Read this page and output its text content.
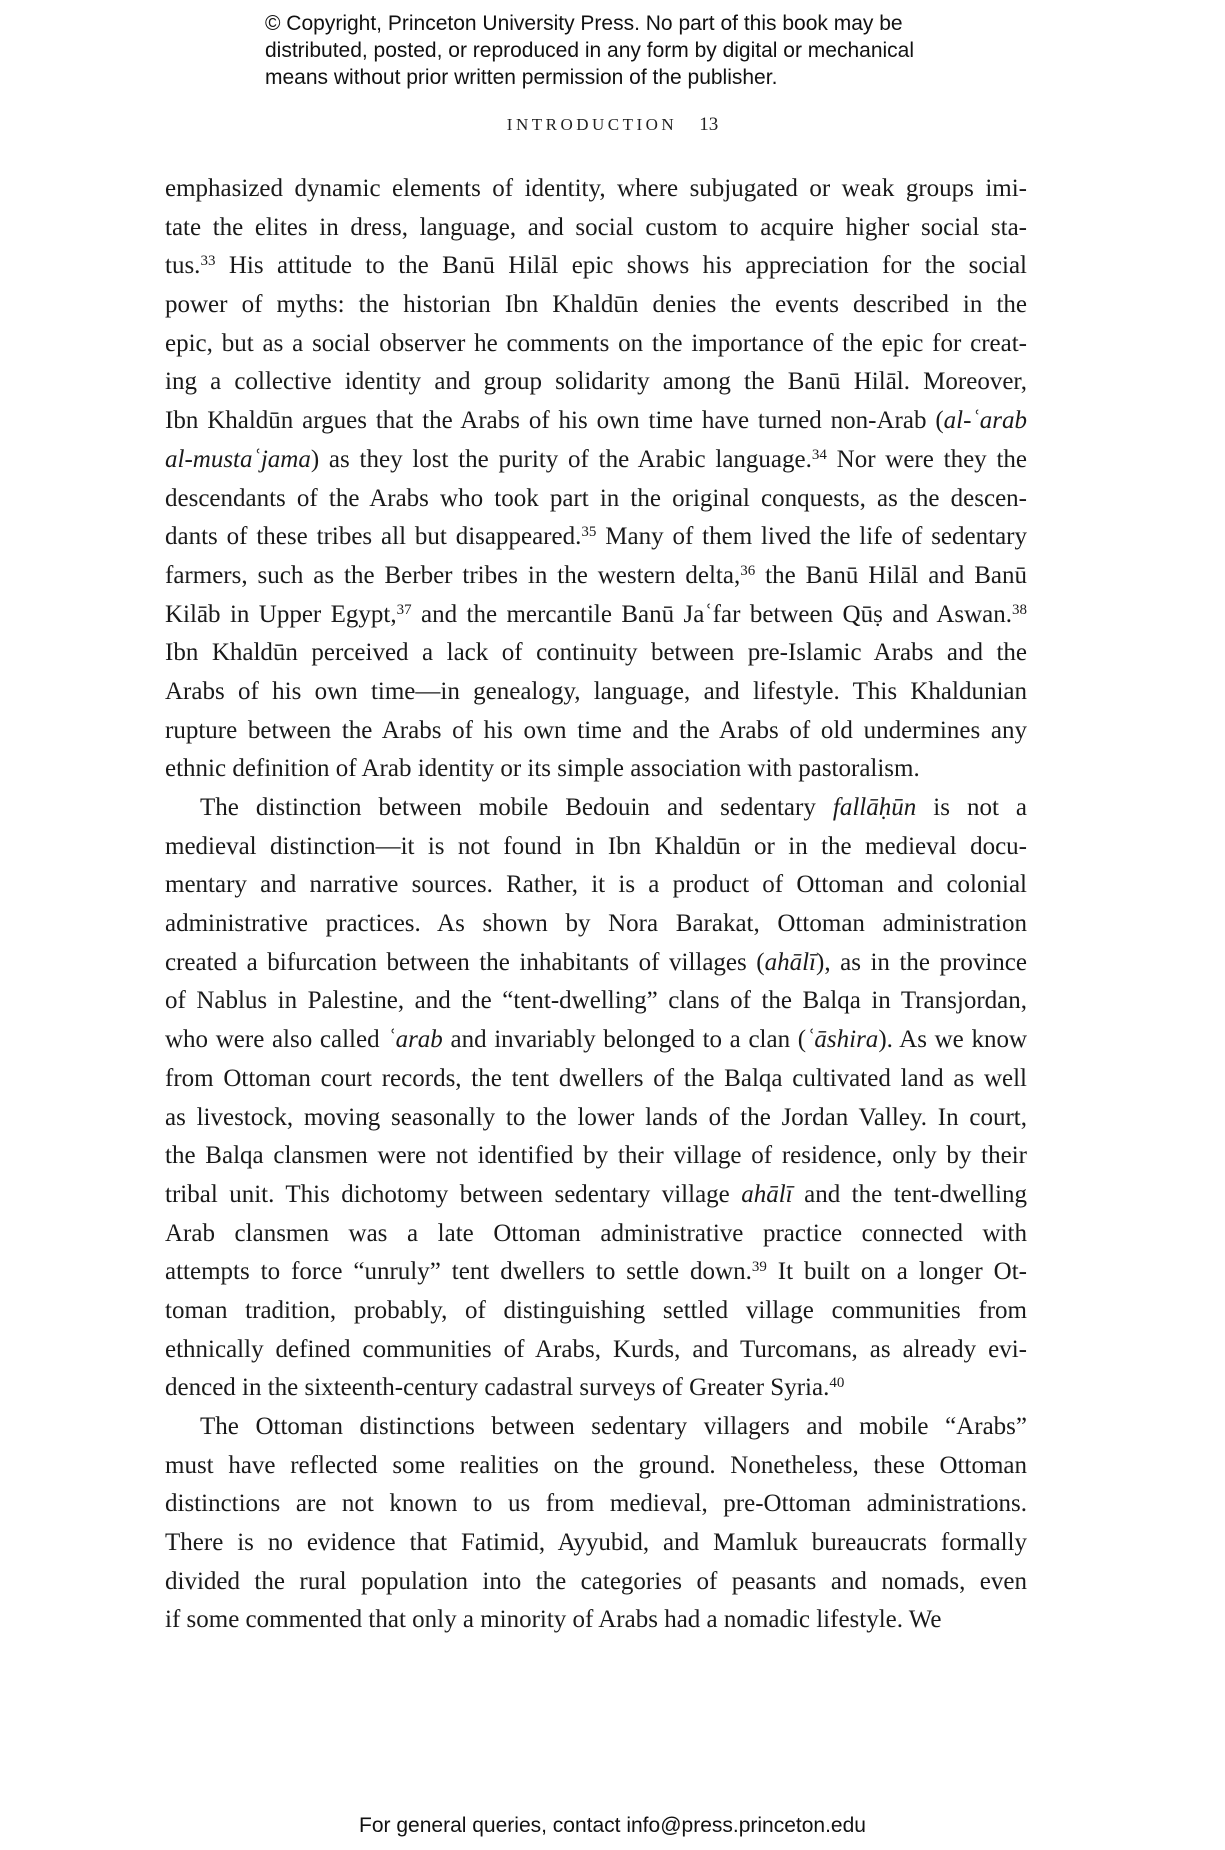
© Copyright, Princeton University Press. No part of this book may be
distributed, posted, or reproduced in any form by digital or mechanical
means without prior written permission of the publisher.
INTRODUCTION 13
emphasized dynamic elements of identity, where subjugated or weak groups imi-
tate the elites in dress, language, and social custom to acquire higher social sta-
tus.$^{33}$ His attitude to the Banū Hilāl epic shows his appreciation for the social
power of myths: the historian Ibn Khaldūn denies the events described in the
epic, but as a social observer he comments on the importance of the epic for creat-
ing a collective identity and group solidarity among the Banū Hilāl. Moreover,
Ibn Khaldūn argues that the Arabs of his own time have turned non-Arab (al-ʿarab
al-mustaʿjama) as they lost the purity of the Arabic language.$^{34}$ Nor were they the
descendants of the Arabs who took part in the original conquests, as the descen-
dants of these tribes all but disappeared.$^{35}$ Many of them lived the life of sedentary
farmers, such as the Berber tribes in the western delta,$^{36}$ the Banū Hilāl and Banū
Kilāb in Upper Egypt,$^{37}$ and the mercantile Banū Jaʿfar between Qūṣ and Aswan.$^{38}$
Ibn Khaldūn perceived a lack of continuity between pre-Islamic Arabs and the
Arabs of his own time—in genealogy, language, and lifestyle. This Khaldunian
rupture between the Arabs of his own time and the Arabs of old undermines any
ethnic definition of Arab identity or its simple association with pastoralism.
The distinction between mobile Bedouin and sedentary fallāḥūn is not a
medieval distinction—it is not found in Ibn Khaldūn or in the medieval docu-
mentary and narrative sources. Rather, it is a product of Ottoman and colonial
administrative practices. As shown by Nora Barakat, Ottoman administration
created a bifurcation between the inhabitants of villages (ahālī), as in the province
of Nablus in Palestine, and the “tent-dwelling” clans of the Balqa in Transjordan,
who were also called ʿarab and invariably belonged to a clan (ʿāshira). As we know
from Ottoman court records, the tent dwellers of the Balqa cultivated land as well
as livestock, moving seasonally to the lower lands of the Jordan Valley. In court,
the Balqa clansmen were not identified by their village of residence, only by their
tribal unit. This dichotomy between sedentary village ahālī and the tent-dwelling
Arab clansmen was a late Ottoman administrative practice connected with
attempts to force “unruly” tent dwellers to settle down.$^{39}$ It built on a longer Ot-
toman tradition, probably, of distinguishing settled village communities from
ethnically defined communities of Arabs, Kurds, and Turcomans, as already evi-
denced in the sixteenth-century cadastral surveys of Greater Syria.$^{40}$
The Ottoman distinctions between sedentary villagers and mobile “Arabs”
must have reflected some realities on the ground. Nonetheless, these Ottoman
distinctions are not known to us from medieval, pre-Ottoman administrations.
There is no evidence that Fatimid, Ayyubid, and Mamluk bureaucrats formally
divided the rural population into the categories of peasants and nomads, even
if some commented that only a minority of Arabs had a nomadic lifestyle. We
For general queries, contact info@press.princeton.edu
